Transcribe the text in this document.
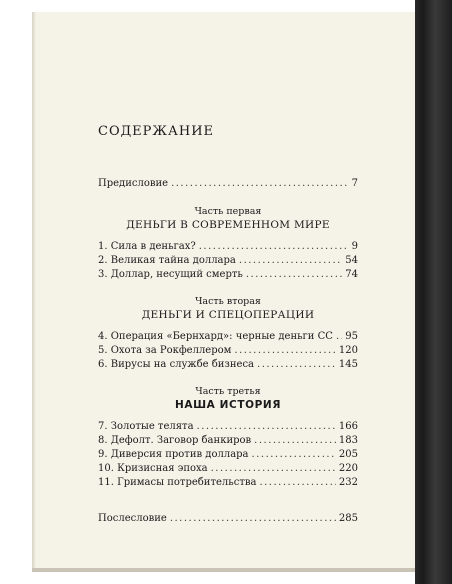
СОДЕРЖАНИЕ
Предисловие .....	7

Часть первая

ДЕНЬГИ В СОВРЕМЕННОМ МИРЕ

1. Сила в деньгах? .....	9
2. Великая тайна доллара .....	54
3. Доллар, несущий смерть .....	74

Часть вторая

ДЕНЬГИ И СПЕЦОПЕРАЦИИ

4. Операция «Бернхард»: черные деньги СС ..... 95
5. Охота за Рокфеллером .....	120
6. Вирусы на службе бизнеса .....	145

Часть третья

НАША ИСТОРИЯ

7. Золотые телята .....	166
8. Дефолт. Заговор банкиров .....	183
9. Диверсия против доллара .....	205
10. Кризисная эпоха .....	220
11. Гримасы потребительства .....	232
Послесловие .....	285
